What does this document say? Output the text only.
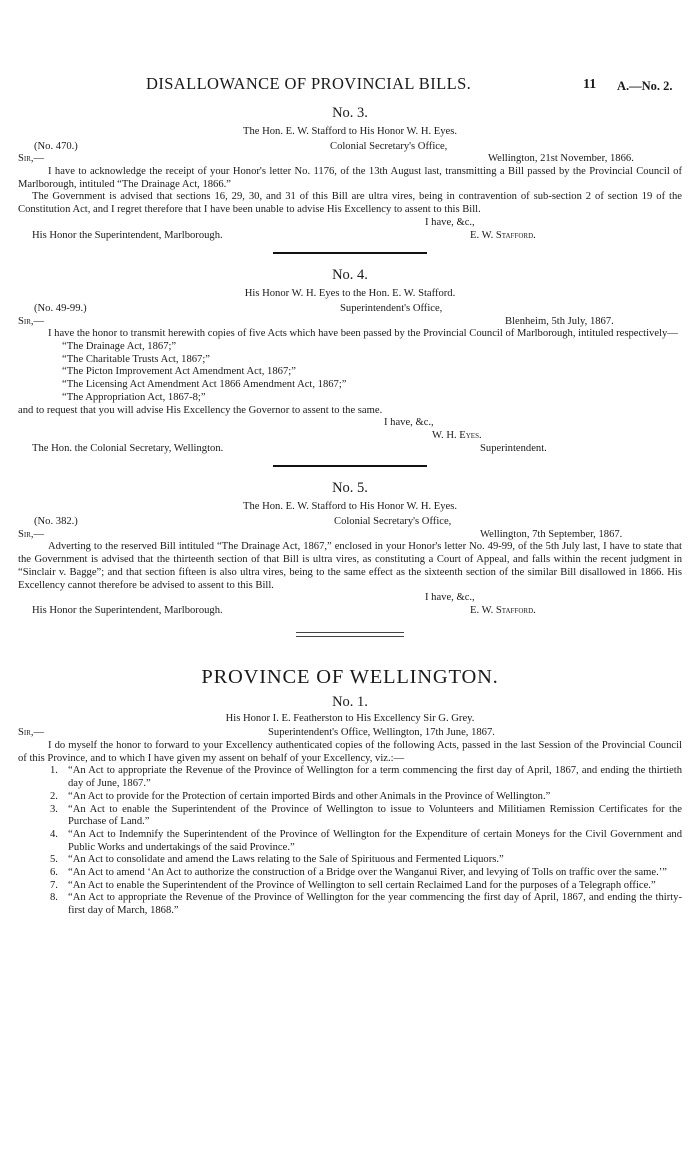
DISALLOWANCE OF PROVINCIAL BILLS.	11 A.—No. 2.
No. 3.
The Hon. E. W. Stafford to His Honor W. H. Eyes.
(No. 470.)	Colonial Secretary's Office,
Sir,—	Wellington, 21st November, 1866.

I have to acknowledge the receipt of your Honor's letter No. 1176, of the 13th August last, transmitting a Bill passed by the Provincial Council of Marlborough, intituled “The Drainage Act, 1866.”

The Government is advised that sections 16, 29, 30, and 31 of this Bill are ultra vires, being in contravention of sub-section 2 of section 19 of the Constitution Act, and I regret therefore that I have been unable to advise His Excellency to assent to this Bill.

I have, &c.,
His Honor the Superintendent, Marlborough.	E. W. Stafford.
No. 4.
His Honor W. H. Eyes to the Hon. E. W. Stafford.
(No. 49-99.)	Superintendent's Office,
Sir,—	Blenheim, 5th July, 1867.

I have the honor to transmit herewith copies of five Acts which have been passed by the Provincial Council of Marlborough, intituled respectively—

“The Drainage Act, 1867;”
“The Charitable Trusts Act, 1867;”
“The Picton Improvement Act Amendment Act, 1867;”
“The Licensing Act Amendment Act 1866 Amendment Act, 1867;”
“The Appropriation Act, 1867-8;”

and to request that you will advise His Excellency the Governor to assent to the same.

I have, &c.,
W. H. Eyes.
The Hon. the Colonial Secretary, Wellington.	Superintendent.
No. 5.
The Hon. E. W. Stafford to His Honor W. H. Eyes.
(No. 382.)	Colonial Secretary's Office,
Sir,—	Wellington, 7th September, 1867.

Adverting to the reserved Bill intituled “The Drainage Act, 1867,” enclosed in your Honor's letter No. 49-99, of the 5th July last, I have to state that the Government is advised that the thirteenth section of that Bill is ultra vires, as constituting a Court of Appeal, and falls within the recent judgment in “Sinclair v. Bagge”; and that section fifteen is also ultra vires, being to the same effect as the sixteenth section of the similar Bill disallowed in 1866. His Excellency cannot therefore be advised to assent to this Bill.

I have, &c.,
His Honor the Superintendent, Marlborough.	E. W. Stafford.
PROVINCE OF WELLINGTON.
No. 1.
His Honor I. E. Featherston to His Excellency Sir G. Grey.
Sir,—	Superintendent's Office, Wellington, 17th June, 1867.

I do myself the honor to forward to your Excellency authenticated copies of the following Acts, passed in the last Session of the Provincial Council of this Province, and to which I have given my assent on behalf of your Excellency, viz.:—

1. “An Act to appropriate the Revenue of the Province of Wellington for a term commencing the first day of April, 1867, and ending the thirtieth day of June, 1867.”
2. “An Act to provide for the Protection of certain imported Birds and other Animals in the Province of Wellington.”
3. “An Act to enable the Superintendent of the Province of Wellington to issue to Volunteers and Militiamen Remission Certificates for the Purchase of Land.”
4. “An Act to Indemnify the Superintendent of the Province of Wellington for the Expenditure of certain Moneys for the Civil Government and Public Works and undertakings of the said Province.”
5. “An Act to consolidate and amend the Laws relating to the Sale of Spirituous and Fermented Liquors.”
6. “An Act to amend ‘An Act to authorize the construction of a Bridge over the Wanganui River, and levying of Tolls on traffic over the same.’”
7. “An Act to enable the Superintendent of the Province of Wellington to sell certain Reclaimed Land for the purposes of a Telegraph office.”
8. “An Act to appropriate the Revenue of the Province of Wellington for the year commencing the first day of April, 1867, and ending the thirty-first day of March, 1868.”
